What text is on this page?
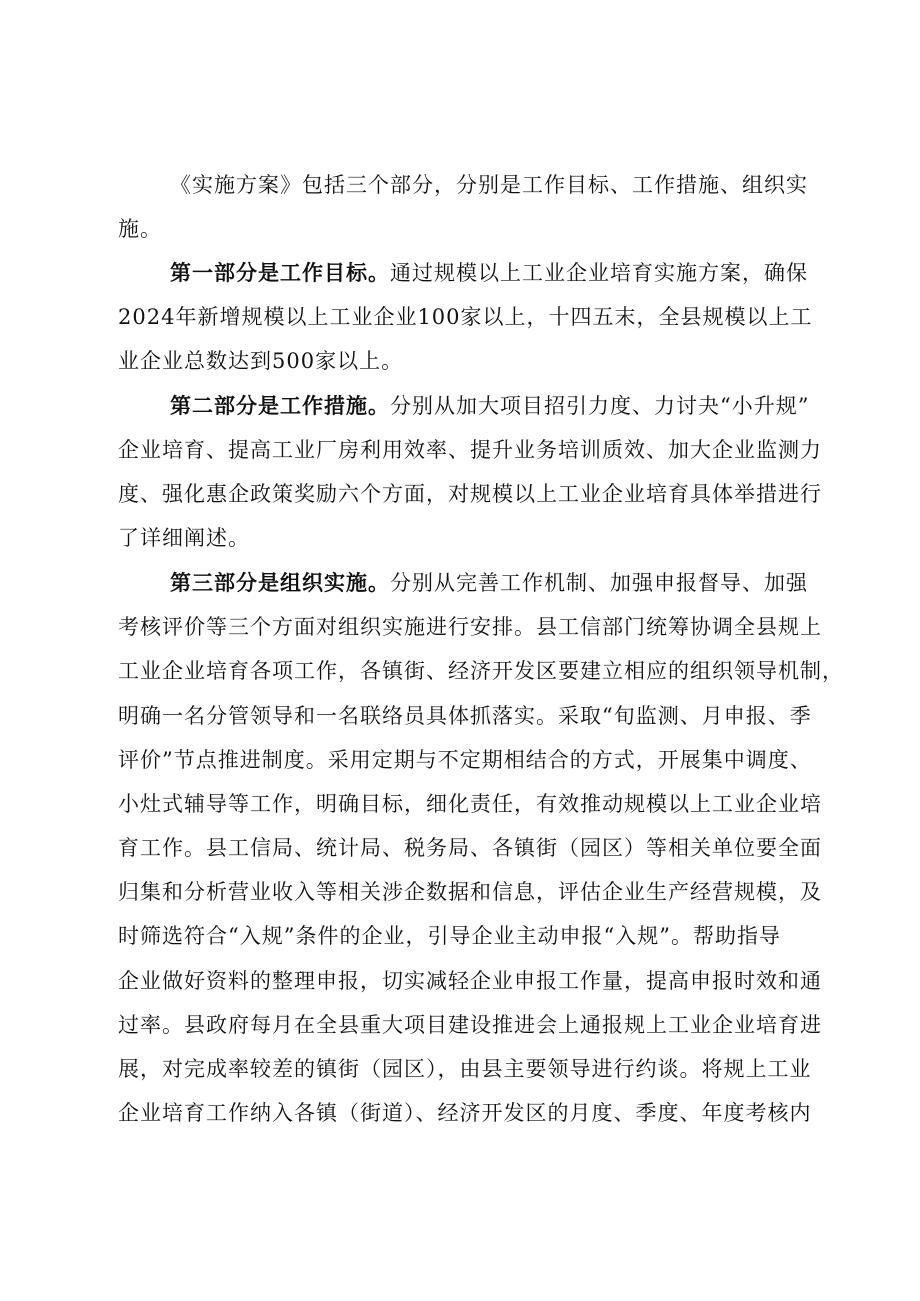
《实施方案》包括三个部分，分别是工作目标、工作措施、组织实
施。
第一部分是工作目标。通过规模以上工业企业培育实施方案，确保
2024年新增规模以上工业企业100家以上，十四五末，全县规模以上工
业企业总数达到500家以上。
第二部分是工作措施。分别从加大项目招引力度、力讨夬“小升规”
企业培育、提高工业厂房利用效率、提升业务培训质效、加大企业监测力
度、强化惠企政策奖励六个方面，对规模以上工业企业培育具体举措进行
了详细阐述。
第三部分是组织实施。分别从完善工作机制、加强申报督导、加强
考核评价等三个方面对组织实施进行安排。县工信部门统筹协调全县规上
工业企业培育各项工作，各镇街、经济开发区要建立相应的组织领导机制，
明确一名分管领导和一名联络员具体抓落实。采取“旬监测、月申报、季
评价”节点推进制度。采用定期与不定期相结合的方式，开展集中调度、
小灶式辅导等工作，明确目标，细化责任，有效推动规模以上工业企业培
育工作。县工信局、统计局、税务局、各镇街（园区）等相关单位要全面
归集和分析营业收入等相关涉企数据和信息，评估企业生产经营规模，及
时筛选符合“入规”条件的企业，引导企业主动申报“入规”。帮助指导
企业做好资料的整理申报，切实减轻企业申报工作量，提高申报时效和通
过率。县政府每月在全县重大项目建设推进会上通报规上工业企业培育进
展，对完成率较差的镇街（园区），由县主要领导进行约谈。将规上工业
企业培育工作纳入各镇（街道）、经济开发区的月度、季度、年度考核内
